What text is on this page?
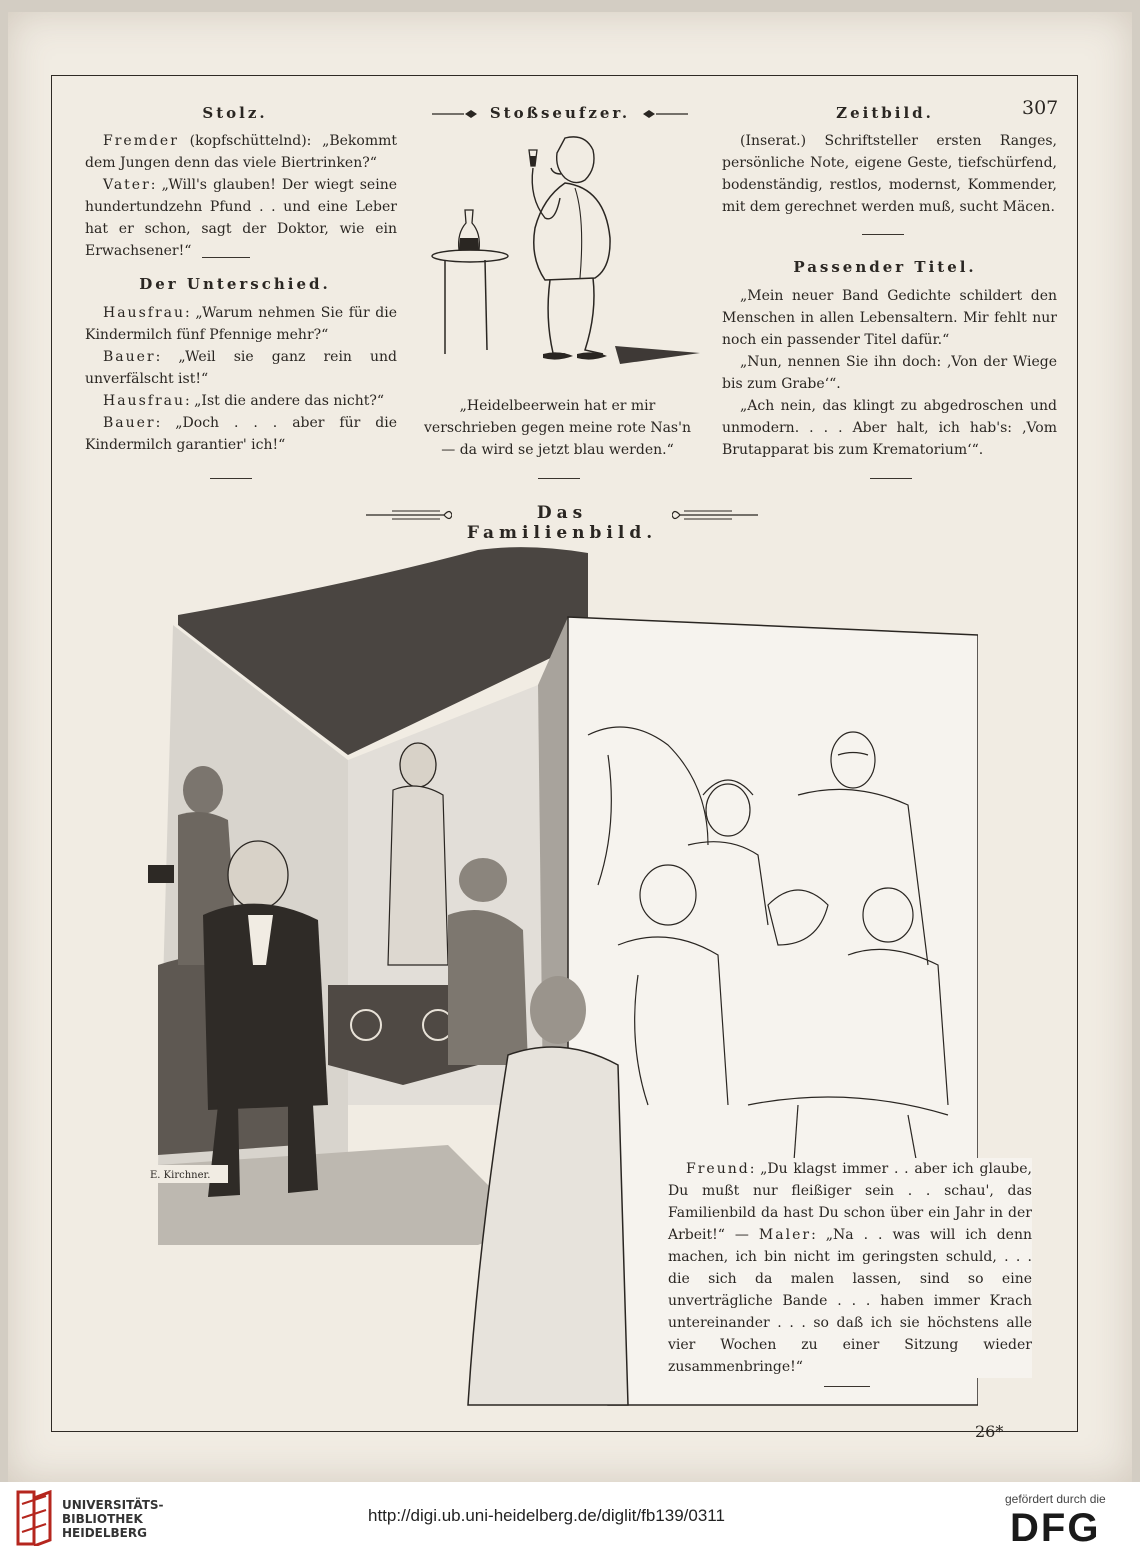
307
Stolz.

Fremder (kopfschüttelnd): „Bekommt dem Jungen denn das viele Biertrinken?“

Vater: „Will's glauben! Der wiegt seine hundertundzehn Pfund . . und eine Leber hat er schon, sagt der Doktor, wie ein Erwachsener!“

Der Unterschied.

Hausfrau: „Warum nehmen Sie für die Kindermilch fünf Pfennige mehr?“

Bauer: „Weil sie ganz rein und unverfälscht ist!“

Hausfrau: „Ist die andere das nicht?“

Bauer: „Doch . . . aber für die Kindermilch garantier' ich!“

Stoßseufzer.
„Heidelbeerwein hat er mir verschrieben gegen meine rote Nas'n — da wird se jetzt blau werden.“
Zeitbild.

(Inserat.) Schriftsteller ersten Ranges, persönliche Note, eigene Geste, tiefschürfend, bodenständig, restlos, modernst, Kommender, mit dem gerechnet werden muß, sucht Mäcen.

Passender Titel.

„Mein neuer Band Gedichte schildert den Menschen in allen Lebensaltern. Mir fehlt nur noch ein passender Titel dafür.“

„Nun, nennen Sie ihn doch: ‚Von der Wiege bis zum Grabe‘“.

„Ach nein, das klingt zu abgedroschen und unmodern. . . . Aber halt, ich hab's: ‚Vom Brutapparat bis zum Krematorium‘“.

Das Familienbild.
E. Kirchner.	Freund: „Du klagst immer . . aber ich glaube, Du mußt nur fleißiger sein . . schau', das Familienbild da hast Du schon über ein Jahr in der Arbeit!“ — Maler: „Na . . was will ich denn machen, ich bin nicht im geringsten schuld, . . . die sich da malen lassen, sind so eine unverträgliche Bande . . . haben immer Krach untereinander . . . so daß ich sie höchstens alle vier Wochen zu einer Sitzung wieder zusammenbringe!“

26*
UNIVERSITÄTS-
BIBLIOTHEK
HEIDELBERG
http://digi.ub.uni-heidelberg.de/diglit/fb139/0311
gefördert durch die
DFG
